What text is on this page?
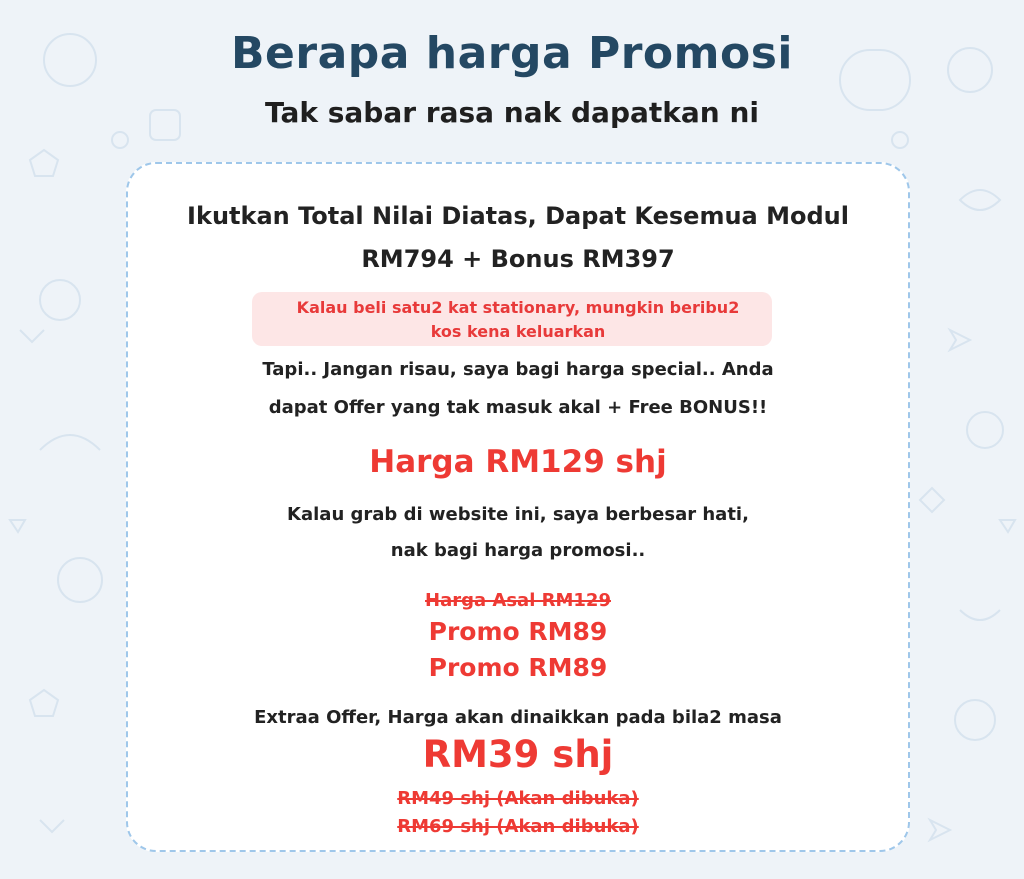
Berapa harga Promosi
Tak sabar rasa nak dapatkan ni
Ikutkan Total Nilai Diatas, Dapat Kesemua Modul
RM794 + Bonus RM397
Kalau beli satu2 kat stationary, mungkin beribu2
kos kena keluarkan
Tapi.. Jangan risau, saya bagi harga special.. Anda
dapat Offer yang tak masuk akal + Free BONUS!!
Harga RM129 shj
Kalau grab di website ini, saya berbesar hati,
nak bagi harga promosi..
Harga Asal RM129
Promo RM89
Promo RM89
Extraa Offer, Harga akan dinaikkan pada bila2 masa
RM39 shj
RM49 shj (Akan dibuka)
RM69 shj (Akan dibuka)
